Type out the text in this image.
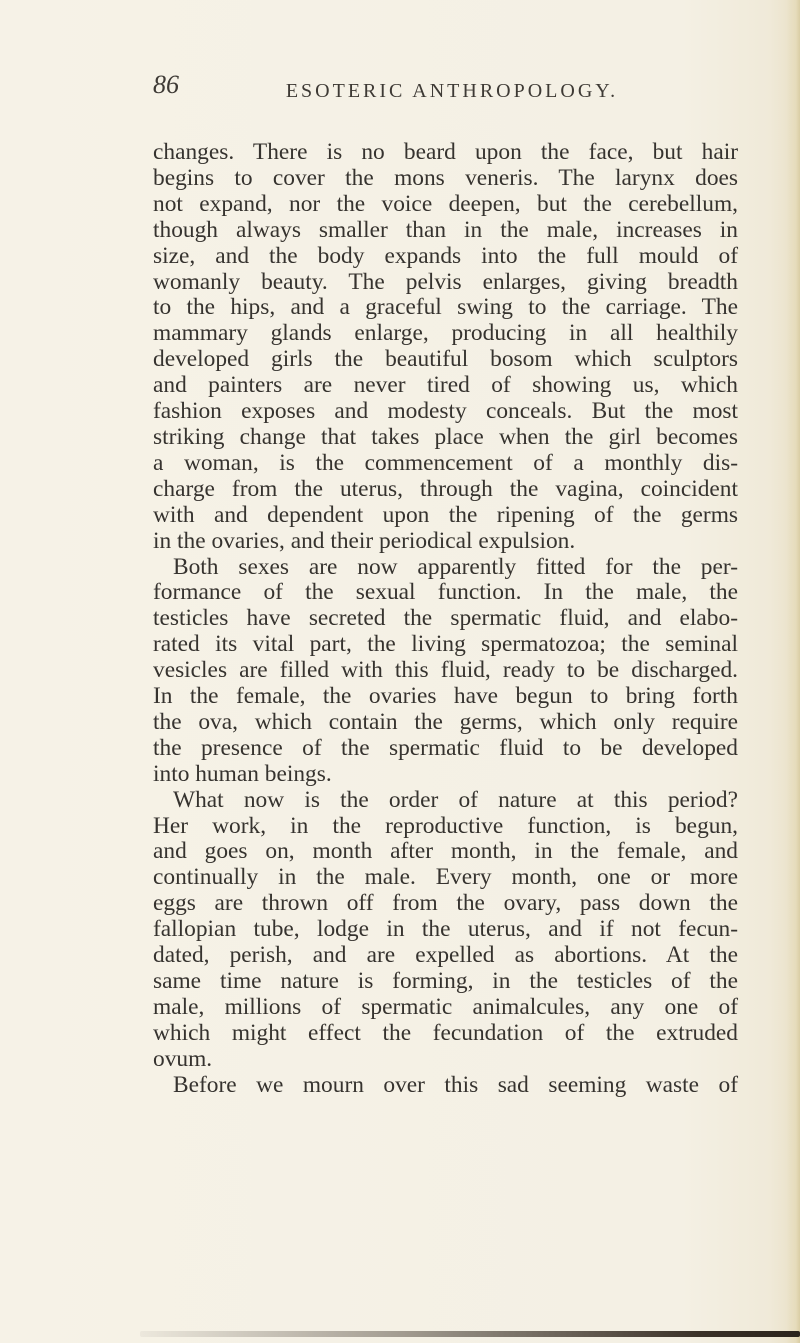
86	ESOTERIC ANTHROPOLOGY.
changes. There is no beard upon the face, but hair
begins to cover the mons veneris. The larynx does
not expand, nor the voice deepen, but the cerebellum,
though always smaller than in the male, increases in
size, and the body expands into the full mould of
womanly beauty. The pelvis enlarges, giving breadth
to the hips, and a graceful swing to the carriage. The
mammary glands enlarge, producing in all healthily
developed girls the beautiful bosom which sculptors
and painters are never tired of showing us, which
fashion exposes and modesty conceals. But the most
striking change that takes place when the girl becomes
a woman, is the commencement of a monthly dis-
charge from the uterus, through the vagina, coincident
with and dependent upon the ripening of the germs
in the ovaries, and their periodical expulsion.
Both sexes are now apparently fitted for the per-
formance of the sexual function. In the male, the
testicles have secreted the spermatic fluid, and elabo-
rated its vital part, the living spermatozoa; the seminal
vesicles are filled with this fluid, ready to be discharged.
In the female, the ovaries have begun to bring forth
the ova, which contain the germs, which only require
the presence of the spermatic fluid to be developed
into human beings.
What now is the order of nature at this period?
Her work, in the reproductive function, is begun,
and goes on, month after month, in the female, and
continually in the male. Every month, one or more
eggs are thrown off from the ovary, pass down the
fallopian tube, lodge in the uterus, and if not fecun-
dated, perish, and are expelled as abortions. At the
same time nature is forming, in the testicles of the
male, millions of spermatic animalcules, any one of
which might effect the fecundation of the extruded
ovum.
Before we mourn over this sad seeming waste of
